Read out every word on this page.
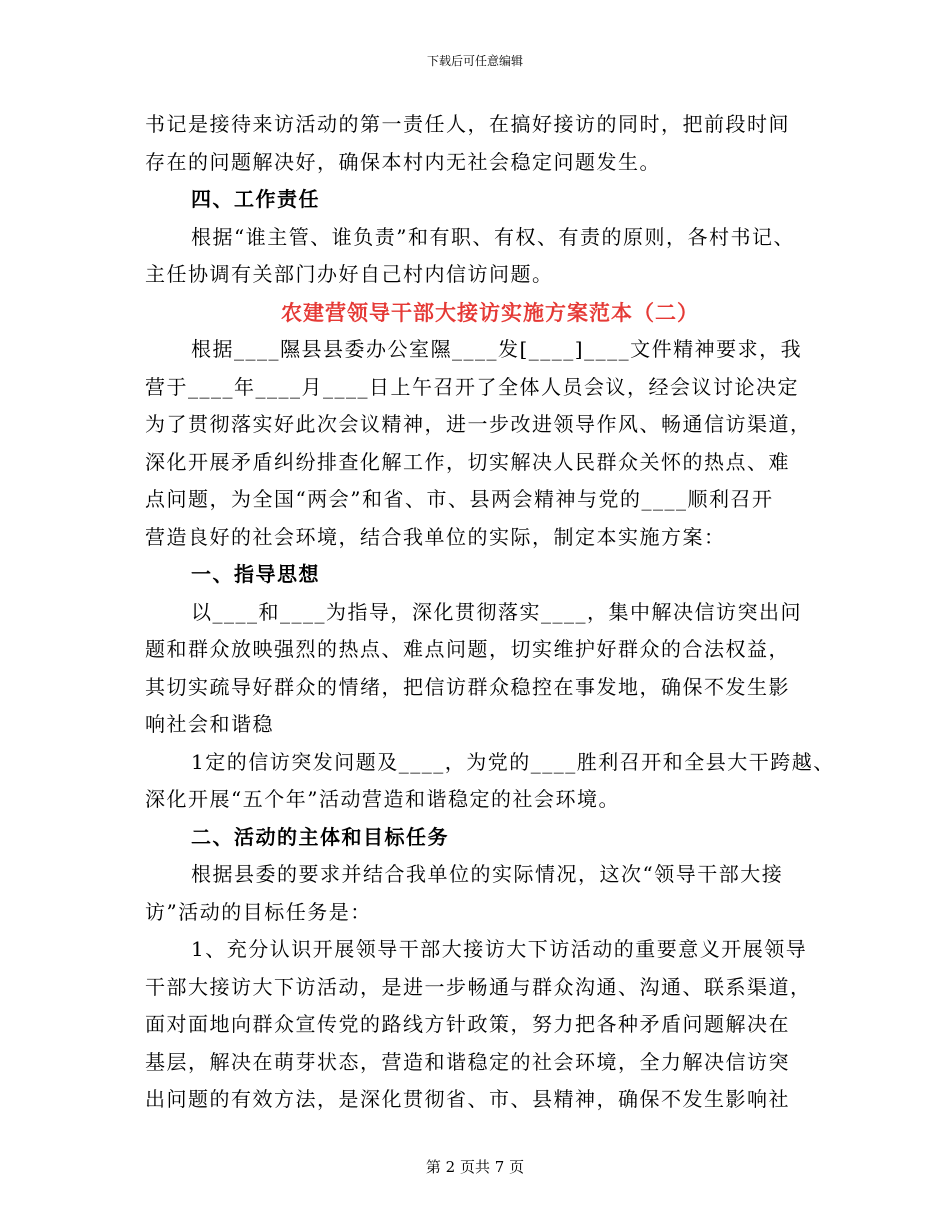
下载后可任意编辑
书记是接待来访活动的第一责任人，在搞好接访的同时，把前段时间
存在的问题解决好，确保本村内无社会稳定问题发生。
四、工作责任
根据“谁主管、谁负责”和有职、有权、有责的原则，各村书记、
主任协调有关部门办好自己村内信访问题。
农建营领导干部大接访实施方案范本（二）
根据____隰县县委办公室隰____发[____]____文件精神要求，我
营于____年____月____日上午召开了全体人员会议，经会议讨论决定
为了贯彻落实好此次会议精神，进一步改进领导作风、畅通信访渠道，
深化开展矛盾纠纷排查化解工作，切实解决人民群众关怀的热点、难
点问题，为全国“两会”和省、市、县两会精神与党的____顺利召开
营造良好的社会环境，结合我单位的实际，制定本实施方案：
一、指导思想
以____和____为指导，深化贯彻落实____，集中解决信访突出问
题和群众放映强烈的热点、难点问题，切实维护好群众的合法权益，
其切实疏导好群众的情绪，把信访群众稳控在事发地，确保不发生影
响社会和谐稳
1定的信访突发问题及____，为党的____胜利召开和全县大干跨越、
深化开展“五个年”活动营造和谐稳定的社会环境。
二、活动的主体和目标任务
根据县委的要求并结合我单位的实际情况，这次“领导干部大接
访”活动的目标任务是：
1、充分认识开展领导干部大接访大下访活动的重要意义开展领导
干部大接访大下访活动，是进一步畅通与群众沟通、沟通、联系渠道，
面对面地向群众宣传党的路线方针政策，努力把各种矛盾问题解决在
基层，解决在萌芽状态，营造和谐稳定的社会环境，全力解决信访突
出问题的有效方法，是深化贯彻省、市、县精神，确保不发生影响社
第 2 页共 7 页
